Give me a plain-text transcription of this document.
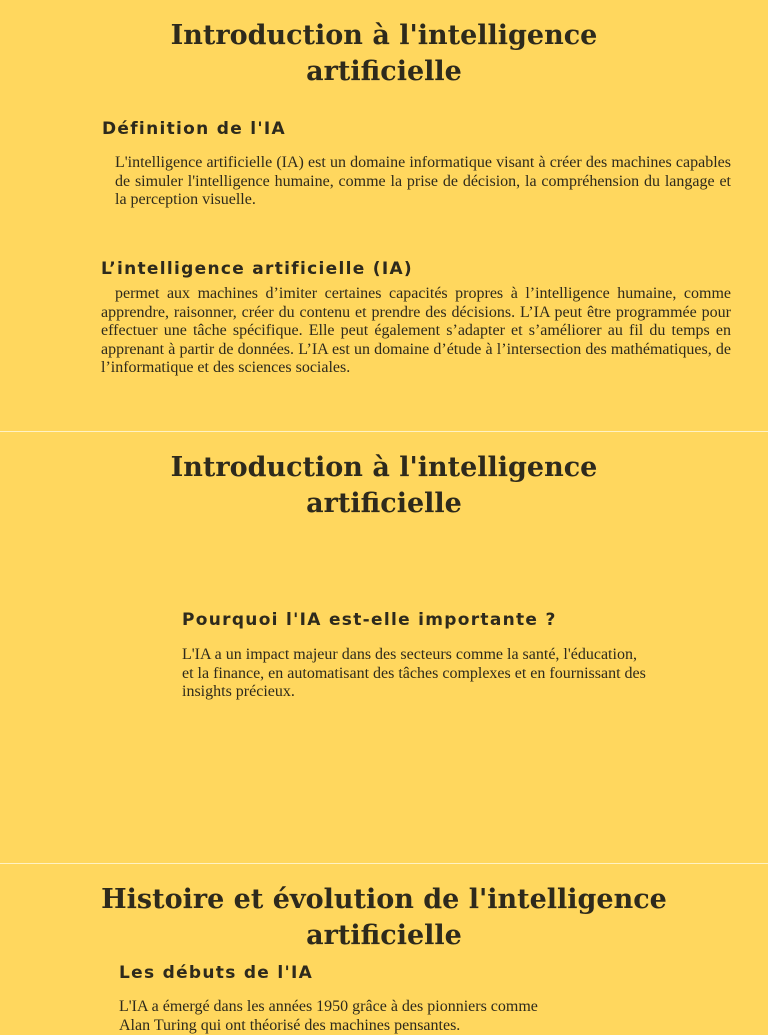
Introduction à l'intelligence
artificielle
Définition de l'IA

L'intelligence artificielle (IA) est un domaine informatique visant à créer des machines capables de simuler l'intelligence humaine, comme la prise de décision, la compréhension du langage et la perception visuelle.

L’intelligence artificielle (IA)

permet aux machines d’imiter certaines capacités propres à l’intelligence humaine, comme apprendre, raisonner, créer du contenu et prendre des décisions. L’IA peut être programmée pour effectuer une tâche spécifique. Elle peut également s’adapter et s’améliorer au fil du temps en apprenant à partir de données. L’IA est un domaine d’étude à l’intersection des mathématiques, de l’informatique et des sciences sociales.

Introduction à l'intelligence
artificielle
Pourquoi l'IA est-elle importante ?

L'IA a un impact majeur dans des secteurs comme la santé, l'éducation, et la finance, en automatisant des tâches complexes et en fournissant des insights précieux.

Histoire et évolution de l'intelligence
artificielle
Les débuts de l'IA

L'IA a émergé dans les années 1950 grâce à des pionniers comme Alan Turing qui ont théorisé des machines pensantes.
